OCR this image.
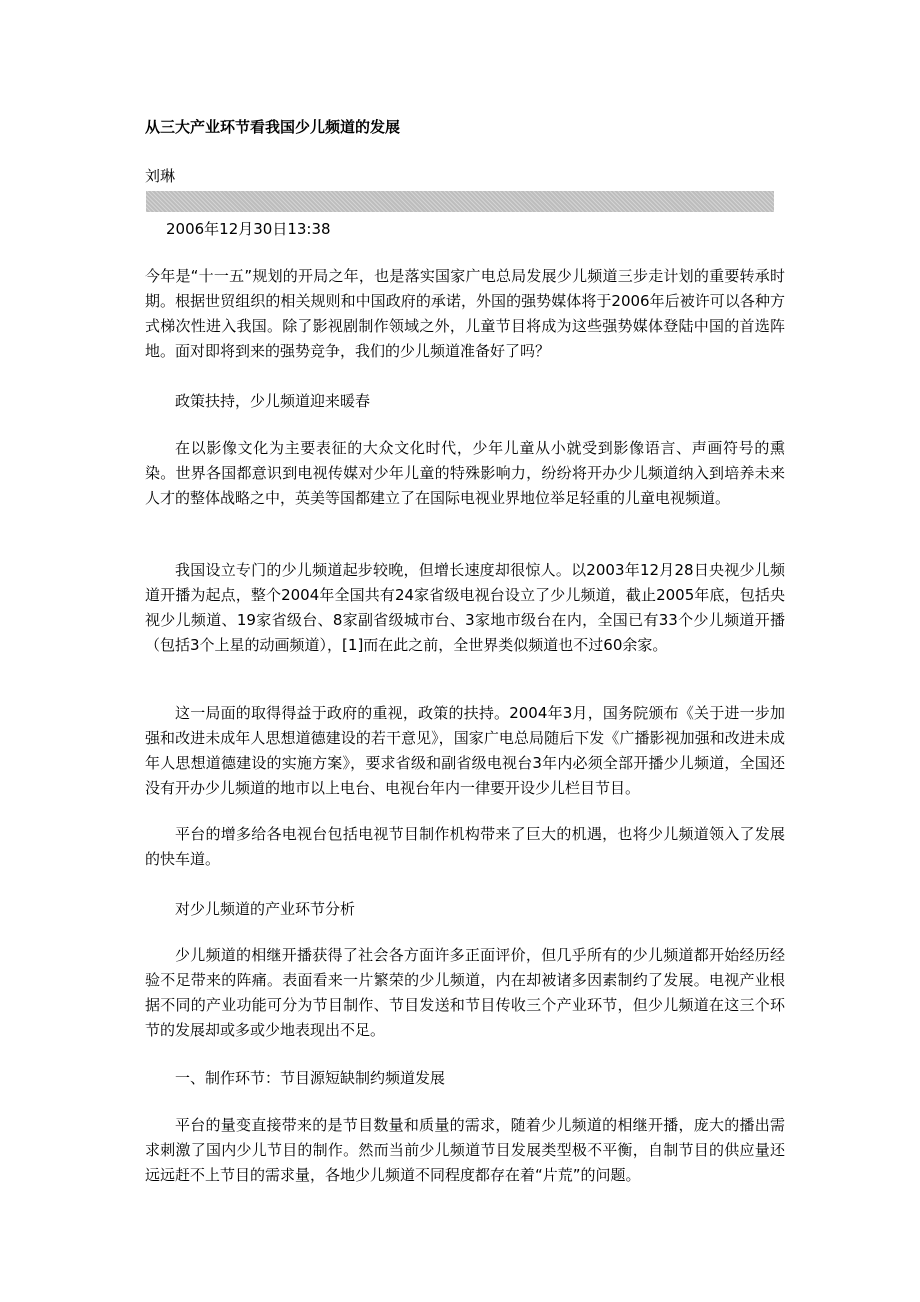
从三大产业环节看我国少儿频道的发展
刘琳
2006年12月30日13:38

今年是“十一五”规划的开局之年，也是落实国家广电总局发展少儿频道三步走计划的重要转承时期。根据世贸组织的相关规则和中国政府的承诺，外国的强势媒体将于2006年后被许可以各种方式梯次性进入我国。除了影视剧制作领域之外，儿童节目将成为这些强势媒体登陆中国的首选阵地。面对即将到来的强势竞争，我们的少儿频道准备好了吗？

政策扶持，少儿频道迎来暖春

在以影像文化为主要表征的大众文化时代，少年儿童从小就受到影像语言、声画符号的熏染。世界各国都意识到电视传媒对少年儿童的特殊影响力，纷纷将开办少儿频道纳入到培养未来人才的整体战略之中，英美等国都建立了在国际电视业界地位举足轻重的儿童电视频道。

我国设立专门的少儿频道起步较晚，但增长速度却很惊人。以2003年12月28日央视少儿频道开播为起点，整个2004年全国共有24家省级电视台设立了少儿频道，截止2005年底，包括央视少儿频道、19家省级台、8家副省级城市台、3家地市级台在内，全国已有33个少儿频道开播（包括3个上星的动画频道），[1]而在此之前，全世界类似频道也不过60余家。

这一局面的取得得益于政府的重视，政策的扶持。2004年3月，国务院颁布《关于进一步加强和改进未成年人思想道德建设的若干意见》，国家广电总局随后下发《广播影视加强和改进未成年人思想道德建设的实施方案》，要求省级和副省级电视台3年内必须全部开播少儿频道，全国还没有开办少儿频道的地市以上电台、电视台年内一律要开设少儿栏目节目。

平台的增多给各电视台包括电视节目制作机构带来了巨大的机遇，也将少儿频道领入了发展的快车道。

对少儿频道的产业环节分析

少儿频道的相继开播获得了社会各方面许多正面评价，但几乎所有的少儿频道都开始经历经验不足带来的阵痛。表面看来一片繁荣的少儿频道，内在却被诸多因素制约了发展。电视产业根据不同的产业功能可分为节目制作、节目发送和节目传收三个产业环节，但少儿频道在这三个环节的发展却或多或少地表现出不足。

一、制作环节：节目源短缺制约频道发展

平台的量变直接带来的是节目数量和质量的需求，随着少儿频道的相继开播，庞大的播出需求刺激了国内少儿节目的制作。然而当前少儿频道节目发展类型极不平衡，自制节目的供应量还远远赶不上节目的需求量，各地少儿频道不同程度都存在着“片荒”的问题。
